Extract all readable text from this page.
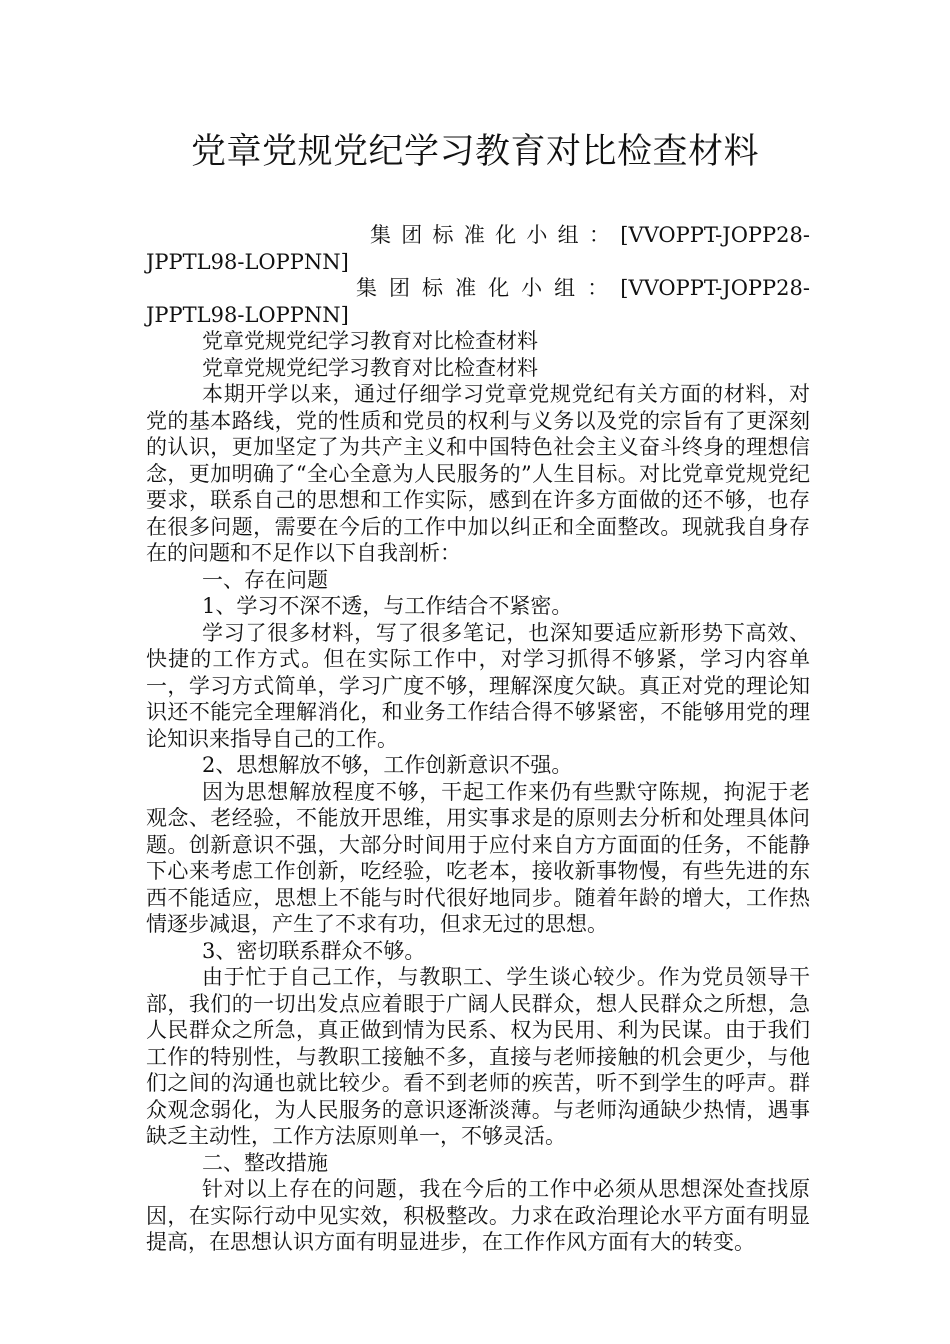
党章党规党纪学习教育对比检查材料

集团标准化小组：[VVOPPT-JOPP28-JPPTL98-LOPPNN]

集团标准化小组：[VVOPPT-JOPP28-JPPTL98-LOPPNN]

党章党规党纪学习教育对比检查材料

党章党规党纪学习教育对比检查材料

本期开学以来，通过仔细学习党章党规党纪有关方面的材料，对党的基本路线，党的性质和党员的权利与义务以及党的宗旨有了更深刻的认识，更加坚定了为共产主义和中国特色社会主义奋斗终身的理想信念，更加明确了“全心全意为人民服务的”人生目标。对比党章党规党纪要求，联系自己的思想和工作实际，感到在许多方面做的还不够，也存在很多问题，需要在今后的工作中加以纠正和全面整改。现就我自身存在的问题和不足作以下自我剖析：

一、存在问题

1、学习不深不透，与工作结合不紧密。

学习了很多材料，写了很多笔记，也深知要适应新形势下高效、快捷的工作方式。但在实际工作中，对学习抓得不够紧，学习内容单一，学习方式简单，学习广度不够，理解深度欠缺。真正对党的理论知识还不能完全理解消化，和业务工作结合得不够紧密，不能够用党的理论知识来指导自己的工作。

2、思想解放不够，工作创新意识不强。

因为思想解放程度不够，干起工作来仍有些默守陈规，拘泥于老观念、老经验，不能放开思维，用实事求是的原则去分析和处理具体问题。创新意识不强，大部分时间用于应付来自方方面面的任务，不能静下心来考虑工作创新，吃经验，吃老本，接收新事物慢，有些先进的东西不能适应，思想上不能与时代很好地同步。随着年龄的增大，工作热情逐步减退，产生了不求有功，但求无过的思想。

3、密切联系群众不够。

由于忙于自己工作，与教职工、学生谈心较少。作为党员领导干部，我们的一切出发点应着眼于广阔人民群众，想人民群众之所想，急人民群众之所急，真正做到情为民系、权为民用、利为民谋。由于我们工作的特别性，与教职工接触不多，直接与老师接触的机会更少，与他们之间的沟通也就比较少。看不到老师的疾苦，听不到学生的呼声。群众观念弱化，为人民服务的意识逐渐淡薄。与老师沟通缺少热情，遇事缺乏主动性，工作方法原则单一，不够灵活。

二、整改措施

针对以上存在的问题，我在今后的工作中必须从思想深处查找原因，在实际行动中见实效，积极整改。力求在政治理论水平方面有明显提高，在思想认识方面有明显进步，在工作作风方面有大的转变。
